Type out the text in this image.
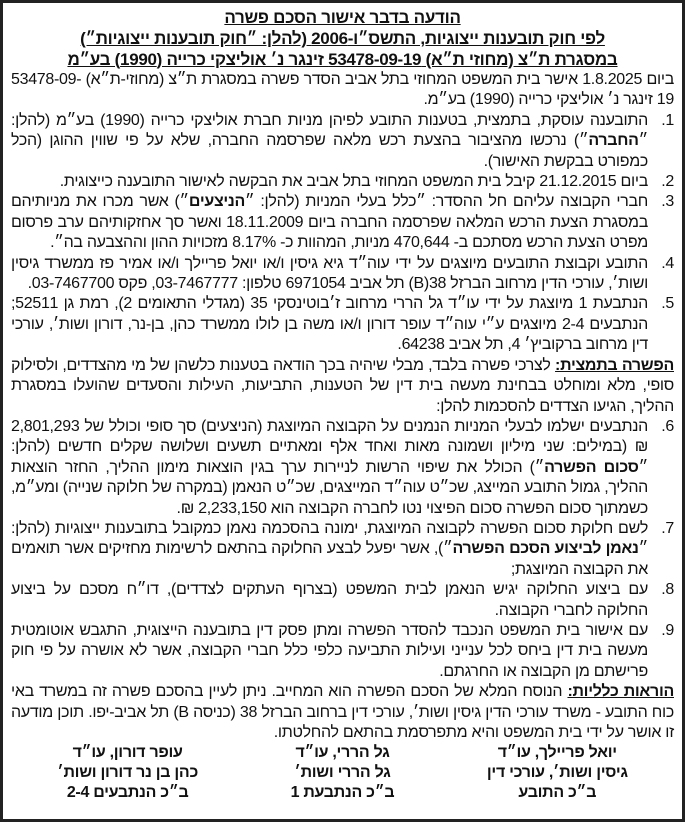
הודעה בדבר אישור הסכם פשרה
לפי חוק תובענות ייצוגיות, התשס״ו-2006 (להלן: ״חוק תובענות ייצוגיות״)
במסגרת ת״צ (מחוזי ת״א) 53478-09-19 זינגר נ׳ אוליצקי כרייה (1990) בע״מ

ביום 1.8.2025 אישר בית המשפט המחוזי בתל אביב הסדר פשרה במסגרת ת״צ (מחוזי-ת״א) 53478-09-19 זינגר נ׳ אוליצקי כרייה (1990) בע״מ.

1.
התובענה עוסקת, בתמצית, בטענות התובע לפיהן מניות חברת אוליצקי כרייה (1990) בע״מ (להלן: ״החברה״) נרכשו מהציבור בהצעת רכש מלאה שפרסמה החברה, שלא על פי שווין ההוגן (הכל כמפורט בבקשת האישור).
2.
ביום 21.12.2015 קיבל בית המשפט המחוזי בתל אביב את הבקשה לאישור התובענה כייצוגית.
3.
חברי הקבוצה עליהם חל ההסדר: ״כלל בעלי המניות (להלן: ״הניצעים״) אשר מכרו את מניותיהם במסגרת הצעת הרכש המלאה שפרסמה החברה ביום 18.11.2009 ואשר סך אחזקותיהם ערב פרסום מפרט הצעת הרכש מסתכם ב- 470,644 מניות, המהוות כ- 8.17% מזכויות ההון וההצבעה בה״.
4.
התובע וקבוצת התובעים מיוצגים על ידי עוה״ד גיא גיסין ו/או יואל פריילך ו/או אמיר פז ממשרד גיסין ושות׳, עורכי הדין מרחוב הברזל 38(B) תל אביב 6971054 טלפון: 03-7467777, פקס 03-7467700.
5.
הנתבעת 1 מיוצגת על ידי עו״ד גל הררי מרחוב ז׳בוטינסקי 35 (מגדלי התאומים 2), רמת גן 52511; הנתבעים 2-4 מיוצגים ע״י עוה״ד עופר דורון ו/או משה בן לולו ממשרד כהן, בן-נר, דורון ושות׳, עורכי דין מרחוב ברקוביץ׳ 4, תל אביב 64238.

הפשרה בתמצית: לצרכי פשרה בלבד, מבלי שיהיה בכך הודאה בטענות כלשהן של מי מהצדדים, ולסילוק סופי, מלא ומוחלט בבחינת מעשה בית דין של הטענות, התביעות, העילות והסעדים שהועלו במסגרת ההליך, הגיעו הצדדים להסכמות להלן:

6.
הנתבעים ישלמו לבעלי המניות הנמנים על הקבוצה המיוצגת (הניצעים) סך סופי וכולל של 2,801,293 ₪ (במילים: שני מיליון ושמונה מאות ואחד אלף ומאתיים תשעים ושלושה שקלים חדשים (להלן: ״סכום הפשרה״) הכולל את שיפוי הרשות לניירות ערך בגין הוצאות מימון ההליך, החזר הוצאות ההליך, גמול התובע המייצג, שכ״ט עוה״ד המייצגים, שכ״ט הנאמן (במקרה של חלוקה שנייה) ומע״מ, כשמתוך סכום הפשרה סכום הפיצוי נטו לחברה הקבוצה הוא 2,233,150 ₪.
7.
לשם חלוקת סכום הפשרה לקבוצה המיוצגת, ימונה בהסכמה נאמן כמקובל בתובענות ייצוגיות (להלן: ״נאמן לביצוע הסכם הפשרה״), אשר יפעל לבצע החלוקה בהתאם לרשימות מחזיקים אשר תואמים את הקבוצה המיוצגת;
8.
עם ביצוע החלוקה יגיש הנאמן לבית המשפט (בצרוף העתקים לצדדים), דו״ח מסכם על ביצוע החלוקה לחברי הקבוצה.
9.
עם אישור בית המשפט הנכבד להסדר הפשרה ומתן פסק דין בתובענה הייצוגית, התגבש אוטומטית מעשה בית דין ביחס לכל ענייני ועילות התביעה כלפי כלל חברי הקבוצה, אשר לא אושרה על פי חוק פרישתם מן הקבוצה או החרגתם.

הוראות כלליות: הנוסח המלא של הסכם הפשרה הוא המחייב. ניתן לעיין בהסכם פשרה זה במשרד באי כוח התובע - משרד עורכי הדין גיסין ושות׳, עורכי דין ברחוב הברזל 38 (כניסה B) תל אביב-יפו. תוכן מודעה זו אושר על ידי בית המשפט והיא מתפרסמת בהתאם להחלטתו.

יואל פריילך, עו״ד
גיסין ושות׳, עורכי דין
ב״כ התובע
גל הררי, עו״ד
גל הררי ושות׳
ב״כ הנתבעת 1
עופר דורון, עו״ד
כהן בן נר דורון ושות׳
ב״כ הנתבעים 2-4
